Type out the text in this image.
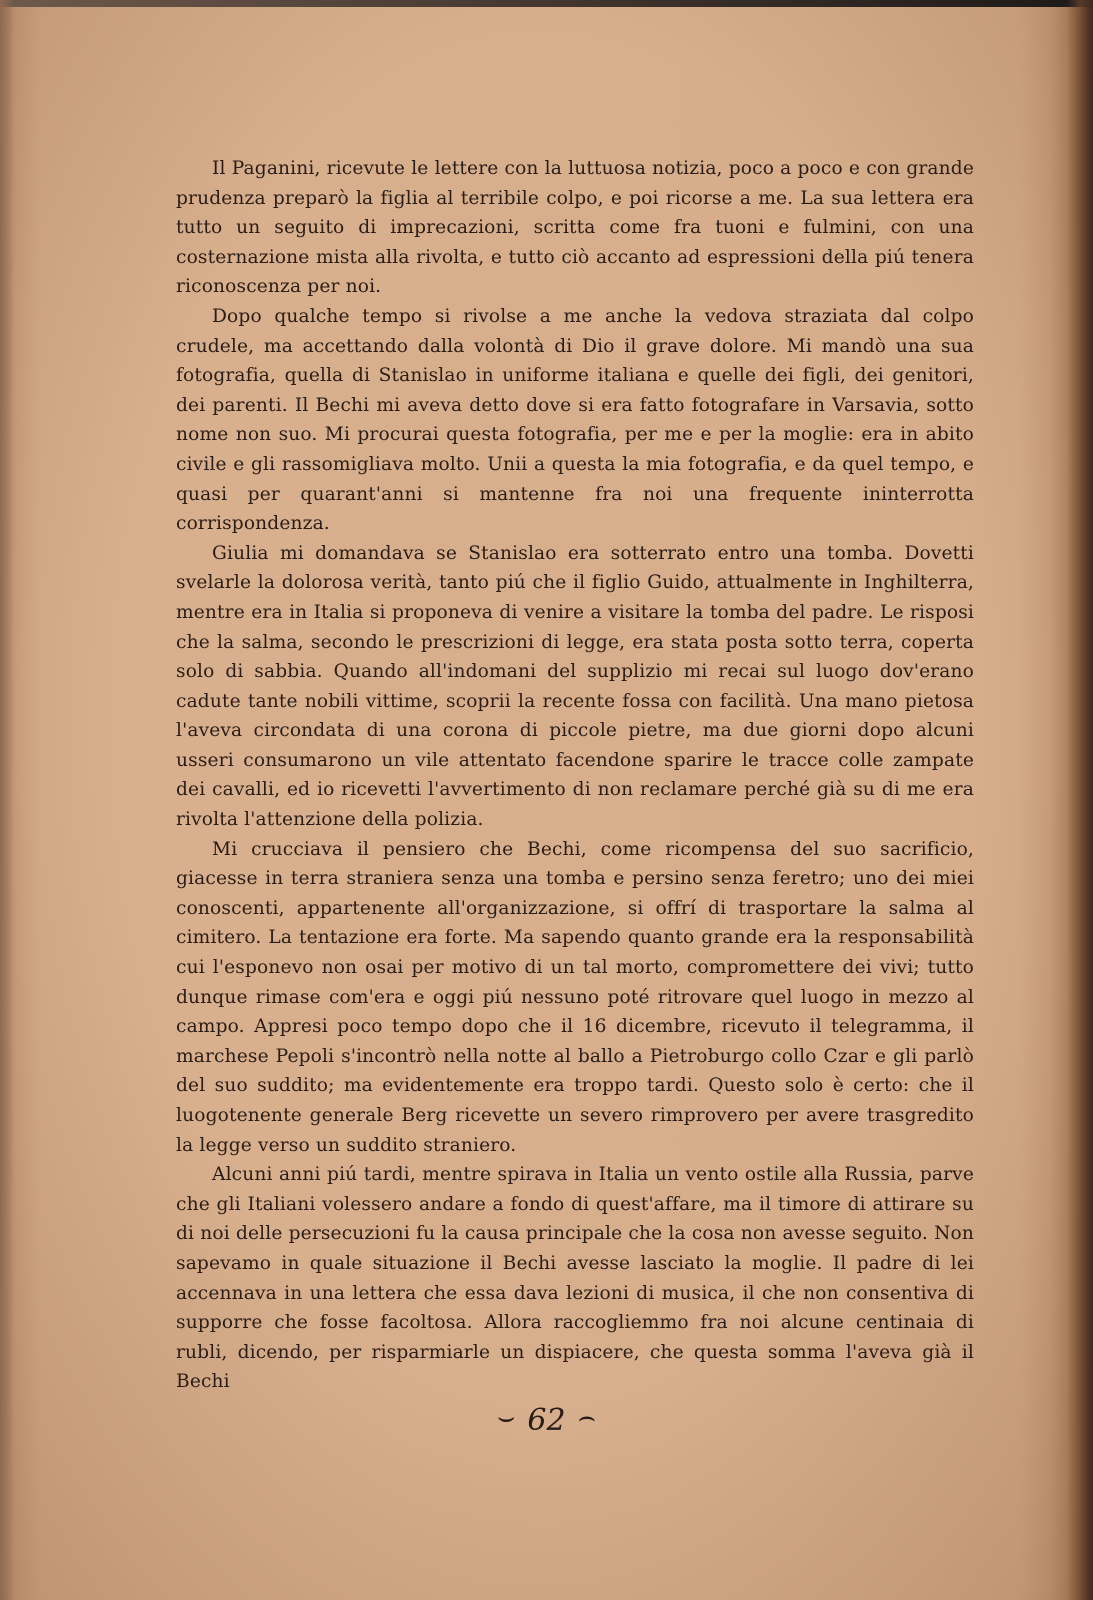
Il Paganini, ricevute le lettere con la luttuosa notizia, poco a poco e con grande prudenza preparò la figlia al terribile colpo, e poi ricorse a me. La sua lettera era tutto un seguito di imprecazioni, scritta come fra tuoni e fulmini, con una costernazione mista alla rivolta, e tutto ciò accanto ad espressioni della piú tenera riconoscenza per noi.

Dopo qualche tempo si rivolse a me anche la vedova straziata dal colpo crudele, ma accettando dalla volontà di Dio il grave dolore. Mi mandò una sua fotografia, quella di Stanislao in uniforme italiana e quelle dei figli, dei genitori, dei parenti. Il Bechi mi aveva detto dove si era fatto fotografare in Varsavia, sotto nome non suo. Mi procurai questa fotografia, per me e per la moglie: era in abito civile e gli rassomigliava molto. Unii a questa la mia fotografia, e da quel tempo, e quasi per quarant'anni si mantenne fra noi una frequente ininterrotta corrispondenza.

Giulia mi domandava se Stanislao era sotterrato entro una tomba. Dovetti svelarle la dolorosa verità, tanto piú che il figlio Guido, attualmente in Inghilterra, mentre era in Italia si proponeva di venire a visitare la tomba del padre. Le risposi che la salma, secondo le prescrizioni di legge, era stata posta sotto terra, coperta solo di sabbia. Quando all'indomani del supplizio mi recai sul luogo dov'erano cadute tante nobili vittime, scoprii la recente fossa con facilità. Una mano pietosa l'aveva circondata di una corona di piccole pietre, ma due giorni dopo alcuni usseri consumarono un vile attentato facendone sparire le tracce colle zampate dei cavalli, ed io ricevetti l'avvertimento di non reclamare perché già su di me era rivolta l'attenzione della polizia.

Mi crucciava il pensiero che Bechi, come ricompensa del suo sacrificio, giacesse in terra straniera senza una tomba e persino senza feretro; uno dei miei conoscenti, appartenente all'organizzazione, si offrí di trasportare la salma al cimitero. La tentazione era forte. Ma sapendo quanto grande era la responsabilità cui l'esponevo non osai per motivo di un tal morto, compromettere dei vivi; tutto dunque rimase com'era e oggi piú nessuno poté ritrovare quel luogo in mezzo al campo. Appresi poco tempo dopo che il 16 dicembre, ricevuto il telegramma, il marchese Pepoli s'incontrò nella notte al ballo a Pietroburgo collo Czar e gli parlò del suo suddito; ma evidentemente era troppo tardi. Questo solo è certo: che il luogotenente generale Berg ricevette un severo rimprovero per avere trasgredito la legge verso un suddito straniero.

Alcuni anni piú tardi, mentre spirava in Italia un vento ostile alla Russia, parve che gli Italiani volessero andare a fondo di quest'affare, ma il timore di attirare su di noi delle persecuzioni fu la causa principale che la cosa non avesse seguito. Non sapevamo in quale situazione il Bechi avesse lasciato la moglie. Il padre di lei accennava in una lettera che essa dava lezioni di musica, il che non consentiva di supporre che fosse facoltosa. Allora raccogliemmo fra noi alcune centinaia di rubli, dicendo, per risparmiarle un dispiacere, che questa somma l'aveva già il Bechi

⌣ 62 ⌢
